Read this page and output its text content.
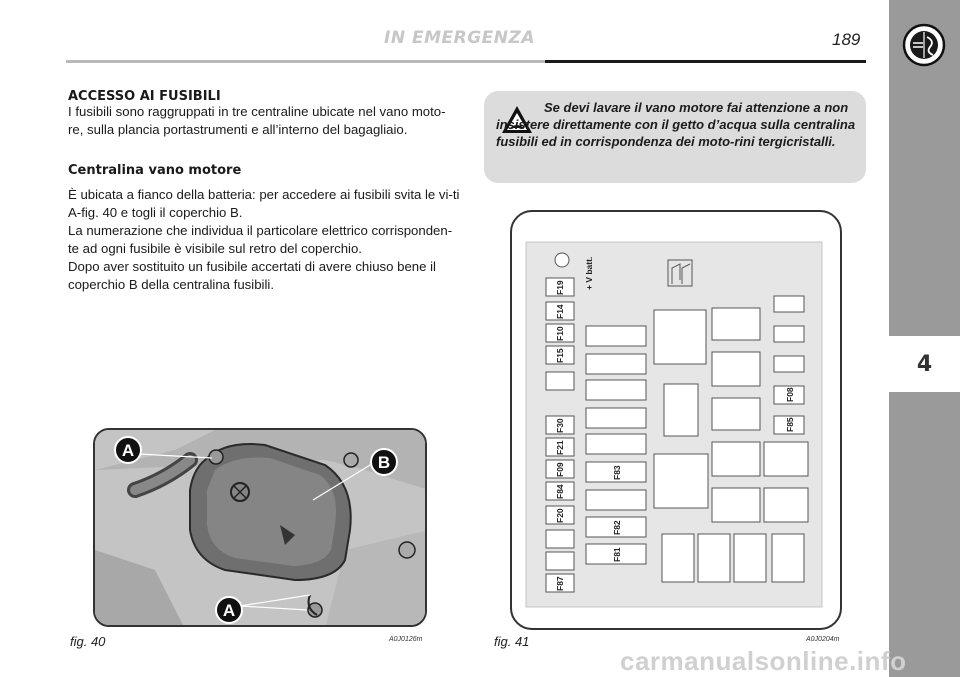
IN EMERGENZA	189
4
ACCESSO AI FUSIBILI
I fusibili sono raggruppati in tre centraline ubicate nel vano moto-re, sulla plancia portastrumenti e all’interno del bagagliaio.
Centralina vano motore
È ubicata a fianco della batteria: per accedere ai fusibili svita le vi-ti A-fig. 40 e togli il coperchio B.
La numerazione che individua il particolare elettrico corrisponden-te ad ogni fusibile è visibile sul retro del coperchio.
Dopo aver sostituito un fusibile accertati di avere chiuso bene il coperchio B della centralina fusibili.
Se devi lavare il vano motore fai attenzione a non insistere direttamente con il getto d’acqua sulla centralina fusibili ed in corrispondenza dei moto-rini tergicristalli.
A
B
A
fig. 40	A0J0126m
+ V batt.
F19
F14
F10
F15
F30
F21
F09
F84
F20
F87
F83
F82
F81
F08
F85
fig. 41	A0J0204m
carmanualsonline.info
